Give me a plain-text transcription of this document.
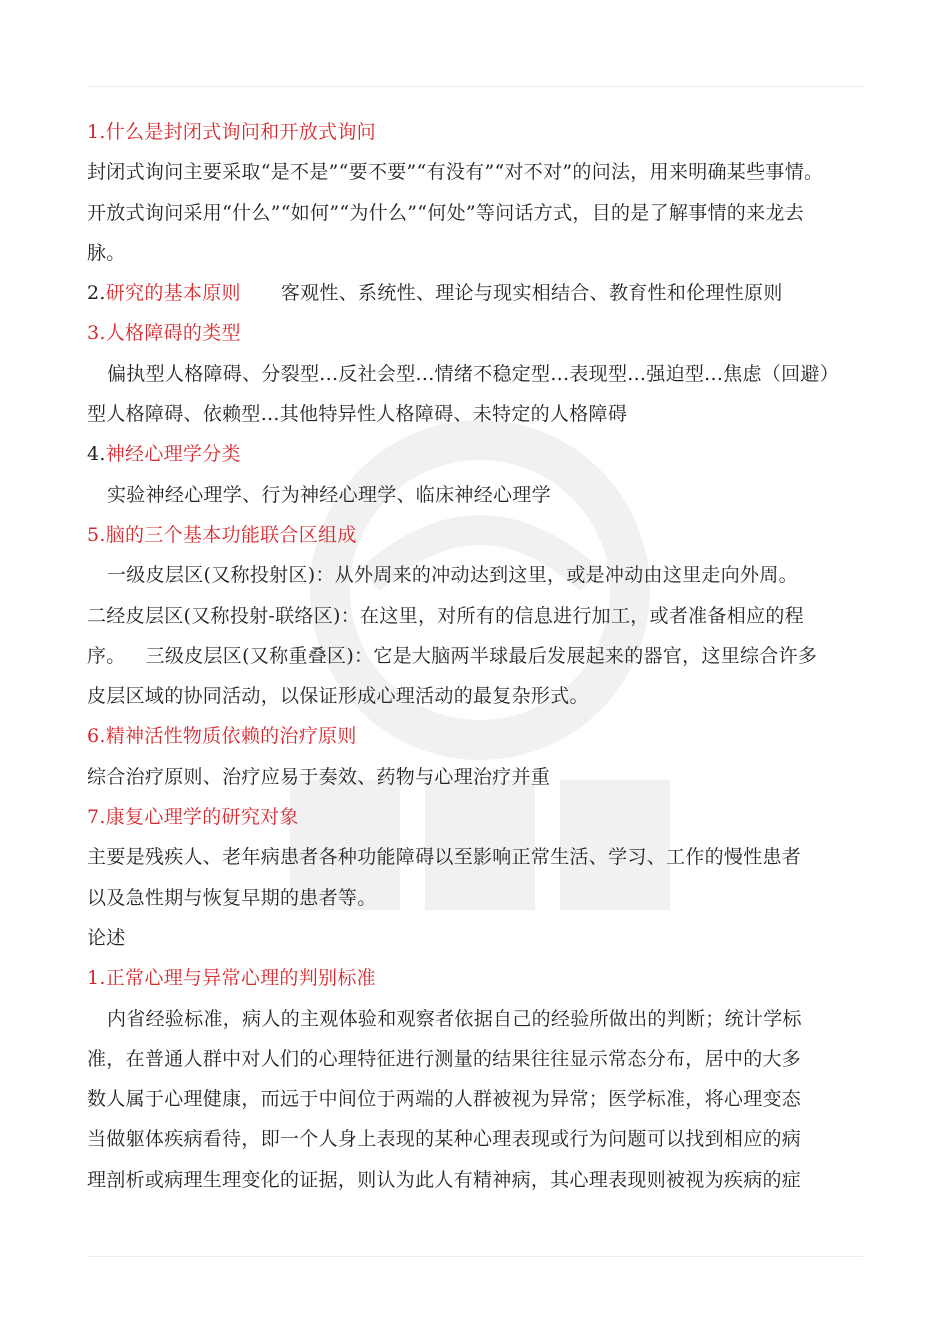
1.什么是封闭式询问和开放式询问
封闭式询问主要采取“是不是”“要不要”“有没有”“对不对”的问法，用来明确某些事情。
开放式询问采用“什么”“如何”“为什么”“何处”等问话方式，目的是了解事情的来龙去
脉。
2.研究的基本原则 客观性、系统性、理论与现实相结合、教育性和伦理性原则
3.人格障碍的类型
偏执型人格障碍、分裂型...反社会型...情绪不稳定型...表现型...强迫型...焦虑（回避）
型人格障碍、依赖型...其他特异性人格障碍、未特定的人格障碍
4.神经心理学分类
实验神经心理学、行为神经心理学、临床神经心理学
5.脑的三个基本功能联合区组成
一级皮层区(又称投射区)：从外周来的冲动达到这里，或是冲动由这里走向外周。
二经皮层区(又称投射-联络区)：在这里，对所有的信息进行加工，或者准备相应的程
序。 三级皮层区(又称重叠区)：它是大脑两半球最后发展起来的器官，这里综合许多
皮层区域的协同活动，以保证形成心理活动的最复杂形式。
6.精神活性物质依赖的治疗原则
综合治疗原则、治疗应易于奏效、药物与心理治疗并重
7.康复心理学的研究对象
主要是残疾人、老年病患者各种功能障碍以至影响正常生活、学习、工作的慢性患者
以及急性期与恢复早期的患者等。
论述
1.正常心理与异常心理的判别标准
内省经验标准，病人的主观体验和观察者依据自己的经验所做出的判断；统计学标
准，在普通人群中对人们的心理特征进行测量的结果往往显示常态分布，居中的大多
数人属于心理健康，而远于中间位于两端的人群被视为异常；医学标准，将心理变态
当做躯体疾病看待，即一个人身上表现的某种心理表现或行为问题可以找到相应的病
理剖析或病理生理变化的证据，则认为此人有精神病，其心理表现则被视为疾病的症
